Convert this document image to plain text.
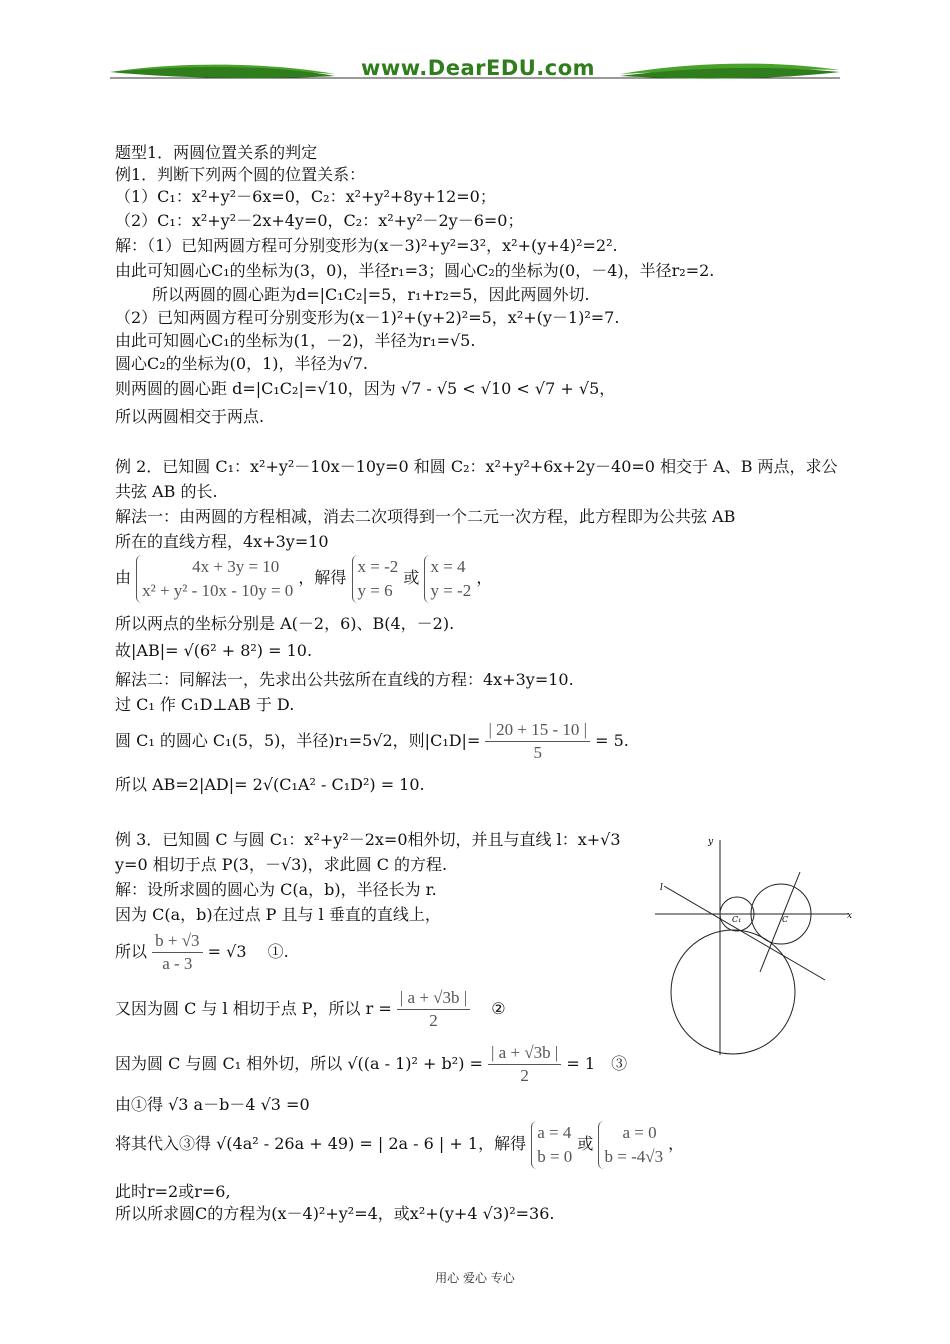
www.DearEDU.com
题型1．两圆位置关系的判定
例1．判断下列两个圆的位置关系：
（1）C₁：x²+y²－6x=0，C₂：x²+y²+8y+12=0；
（2）C₁：x²+y²－2x+4y=0，C₂：x²+y²－2y－6=0；
解：（1）已知两圆方程可分别变形为(x－3)²+y²=3²，x²+(y+4)²=2².
由此可知圆心C₁的坐标为(3，0)，半径r₁=3；圆心C₂的坐标为(0，－4)，半径r₂=2.
所以两圆的圆心距为d=|C₁C₂|=5，r₁+r₂=5，因此两圆外切.
（2）已知两圆方程可分别变形为(x－1)²+(y+2)²=5，x²+(y－1)²=7.
由此可知圆心C₁的坐标为(1，－2)，半径为r₁=√5.
圆心C₂的坐标为(0，1)，半径为√7.
则两圆的圆心距 d=|C₁C₂|=√10，因为 √7 - √5 < √10 < √7 + √5，
所以两圆相交于两点.
例 2．已知圆 C₁：x²+y²－10x－10y=0 和圆 C₂：x²+y²+6x+2y－40=0 相交于 A、B 两点，求公
共弦 AB 的长.
解法一：由两圆的方程相减，消去二次项得到一个二元一次方程，此方程即为公共弦 AB
所在的直线方程，4x+3y=10
由
4x + 3y = 10
x² + y² - 10x - 10y = 0
，解得
x = -2
y = 6
或
x = 4
y = -2
，
所以两点的坐标分别是 A(－2，6)、B(4，－2).
故|AB|= √(6² + 8²) = 10.
解法二：同解法一，先求出公共弦所在直线的方程：4x+3y=10.
过 C₁ 作 C₁D⊥AB 于 D.
圆 C₁ 的圆心 C₁(5，5)，半径)r₁=5√2，则$|C_1D|= \frac{| 20 + 15 - 10 |}{5} = 5$.
所以 AB=2|AD|= 2√(C₁A² - C₁D²) = 10.
例 3．已知圆 C 与圆 C₁：x²+y²－2x=0相外切，并且与直线 l：x+√3
y=0 相切于点 P(3，－√3)，求此圆 C 的方程.
解：设所求圆的圆心为 C(a，b)，半径长为 r.
因为 C(a，b)在过点 P 且与 l 垂直的直线上，
所以 $\frac{b + √3}{a - 3} = √3$　 ①.
又因为圆 C 与 l 相切于点 P，所以 $r = \frac{| a + √3b |}{2}$ ②
因为圆 C 与圆 C₁ 相外切，所以 $√((a - 1)^2 + b^2) = \frac{| a + √3b |}{2} = 1$　③
由①得 √3 a－b－4 √3 =0
将其代入③得 √(4a² - 26a + 49) = | 2a - 6 | + 1，解得
a = 4
b = 0
或
a = 0
b = -4√3
，
此时r=2或r=6,
所以所求圆C的方程为(x－4)²+y²=4，或x²+(y+4 √3)²=36.
y
x
l
C₁	C
用心 爱心 专心
